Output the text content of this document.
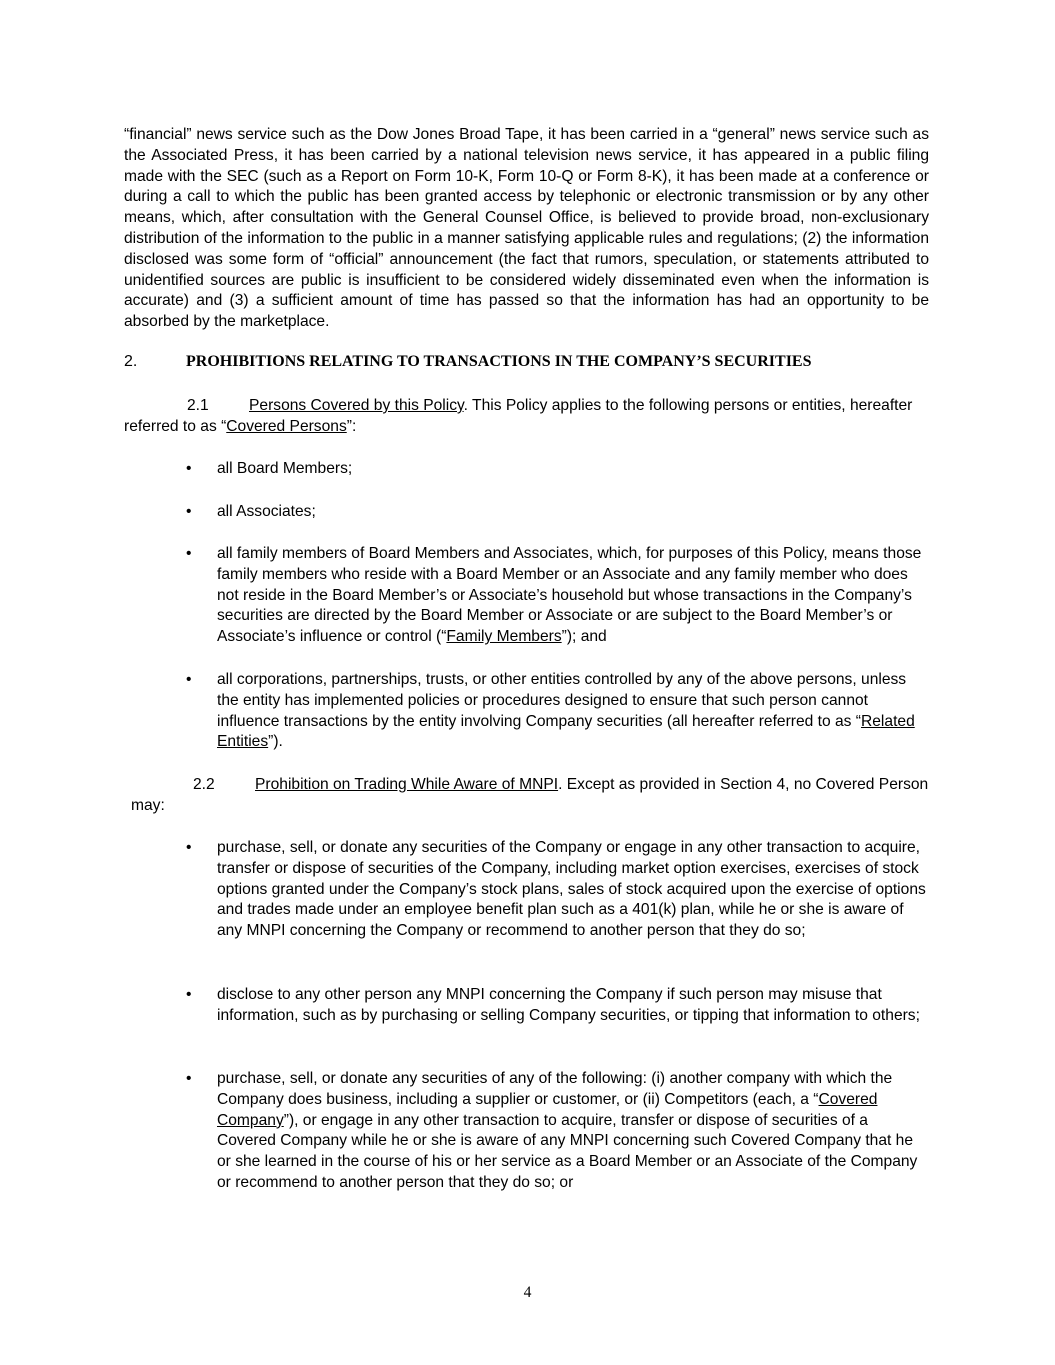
“financial” news service such as the Dow Jones Broad Tape, it has been carried in a “general” news service such as the Associated Press, it has been carried by a national television news service, it has appeared in a public filing made with the SEC (such as a Report on Form 10-K, Form 10-Q or Form 8-K), it has been made at a conference or during a call to which the public has been granted access by telephonic or electronic transmission or by any other means, which, after consultation with the General Counsel Office, is believed to provide broad, non-exclusionary distribution of the information to the public in a manner satisfying applicable rules and regulations; (2) the information disclosed was some form of “official” announcement (the fact that rumors, speculation, or statements attributed to unidentified sources are public is insufficient to be considered widely disseminated even when the information is accurate) and (3) a sufficient amount of time has passed so that the information has had an opportunity to be absorbed by the marketplace.

2.	PROHIBITIONS RELATING TO TRANSACTIONS IN THE COMPANY’S SECURITIES

2.1	Persons Covered by this Policy. This Policy applies to the following persons or entities, hereafter referred to as “Covered Persons”:

• all Board Members;
• all Associates;
• all family members of Board Members and Associates, which, for purposes of this Policy, means those family members who reside with a Board Member or an Associate and any family member who does not reside in the Board Member’s or Associate’s household but whose transactions in the Company’s securities are directed by the Board Member or Associate or are subject to the Board Member’s or Associate’s influence or control (“Family Members”); and
• all corporations, partnerships, trusts, or other entities controlled by any of the above persons, unless the entity has implemented policies or procedures designed to ensure that such person cannot influence transactions by the entity involving Company securities (all hereafter referred to as “Related Entities”).

2.2	Prohibition on Trading While Aware of MNPI. Except as provided in Section 4, no Covered Person may:

• purchase, sell, or donate any securities of the Company or engage in any other transaction to acquire, transfer or dispose of securities of the Company, including market option exercises, exercises of stock options granted under the Company’s stock plans, sales of stock acquired upon the exercise of options and trades made under an employee benefit plan such as a 401(k) plan, while he or she is aware of any MNPI concerning the Company or recommend to another person that they do so;
• disclose to any other person any MNPI concerning the Company if such person may misuse that information, such as by purchasing or selling Company securities, or tipping that information to others;
• purchase, sell, or donate any securities of any of the following: (i) another company with which the Company does business, including a supplier or customer, or (ii) Competitors (each, a “Covered Company”), or engage in any other transaction to acquire, transfer or dispose of securities of a Covered Company while he or she is aware of any MNPI concerning such Covered Company that he or she learned in the course of his or her service as a Board Member or an Associate of the Company or recommend to another person that they do so; or
4
